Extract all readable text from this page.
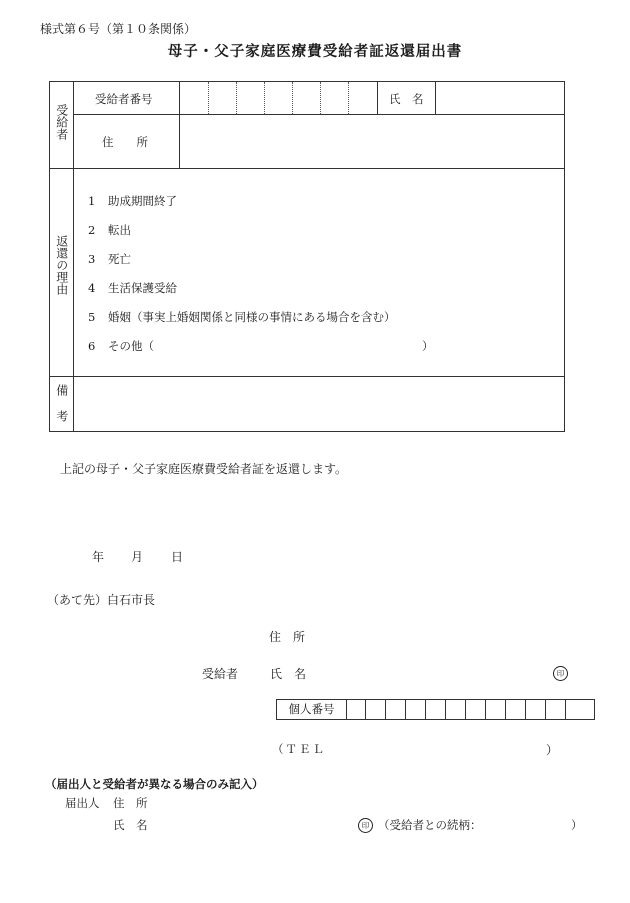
様式第６号（第１０条関係）
母子・父子家庭医療費受給者証返還届出書
受給者
受給者番号	氏　名
住　　所
返還の理由
1 助成期間終了
2 転出
3 死亡
4 生活保護受給
5 婚姻（事実上婚姻関係と同様の事情にある場合を含む）
6 その他（	）
備考
上記の母子・父子家庭医療費受給者証を返還します。
年 月 日
（あて先）白石市長
住　所
受給者	氏　名	印
個人番号
（ＴＥＬ	）
（届出人と受給者が異なる場合のみ記入）
届出人 住　所
氏　名	印 （受給者との続柄：	）
